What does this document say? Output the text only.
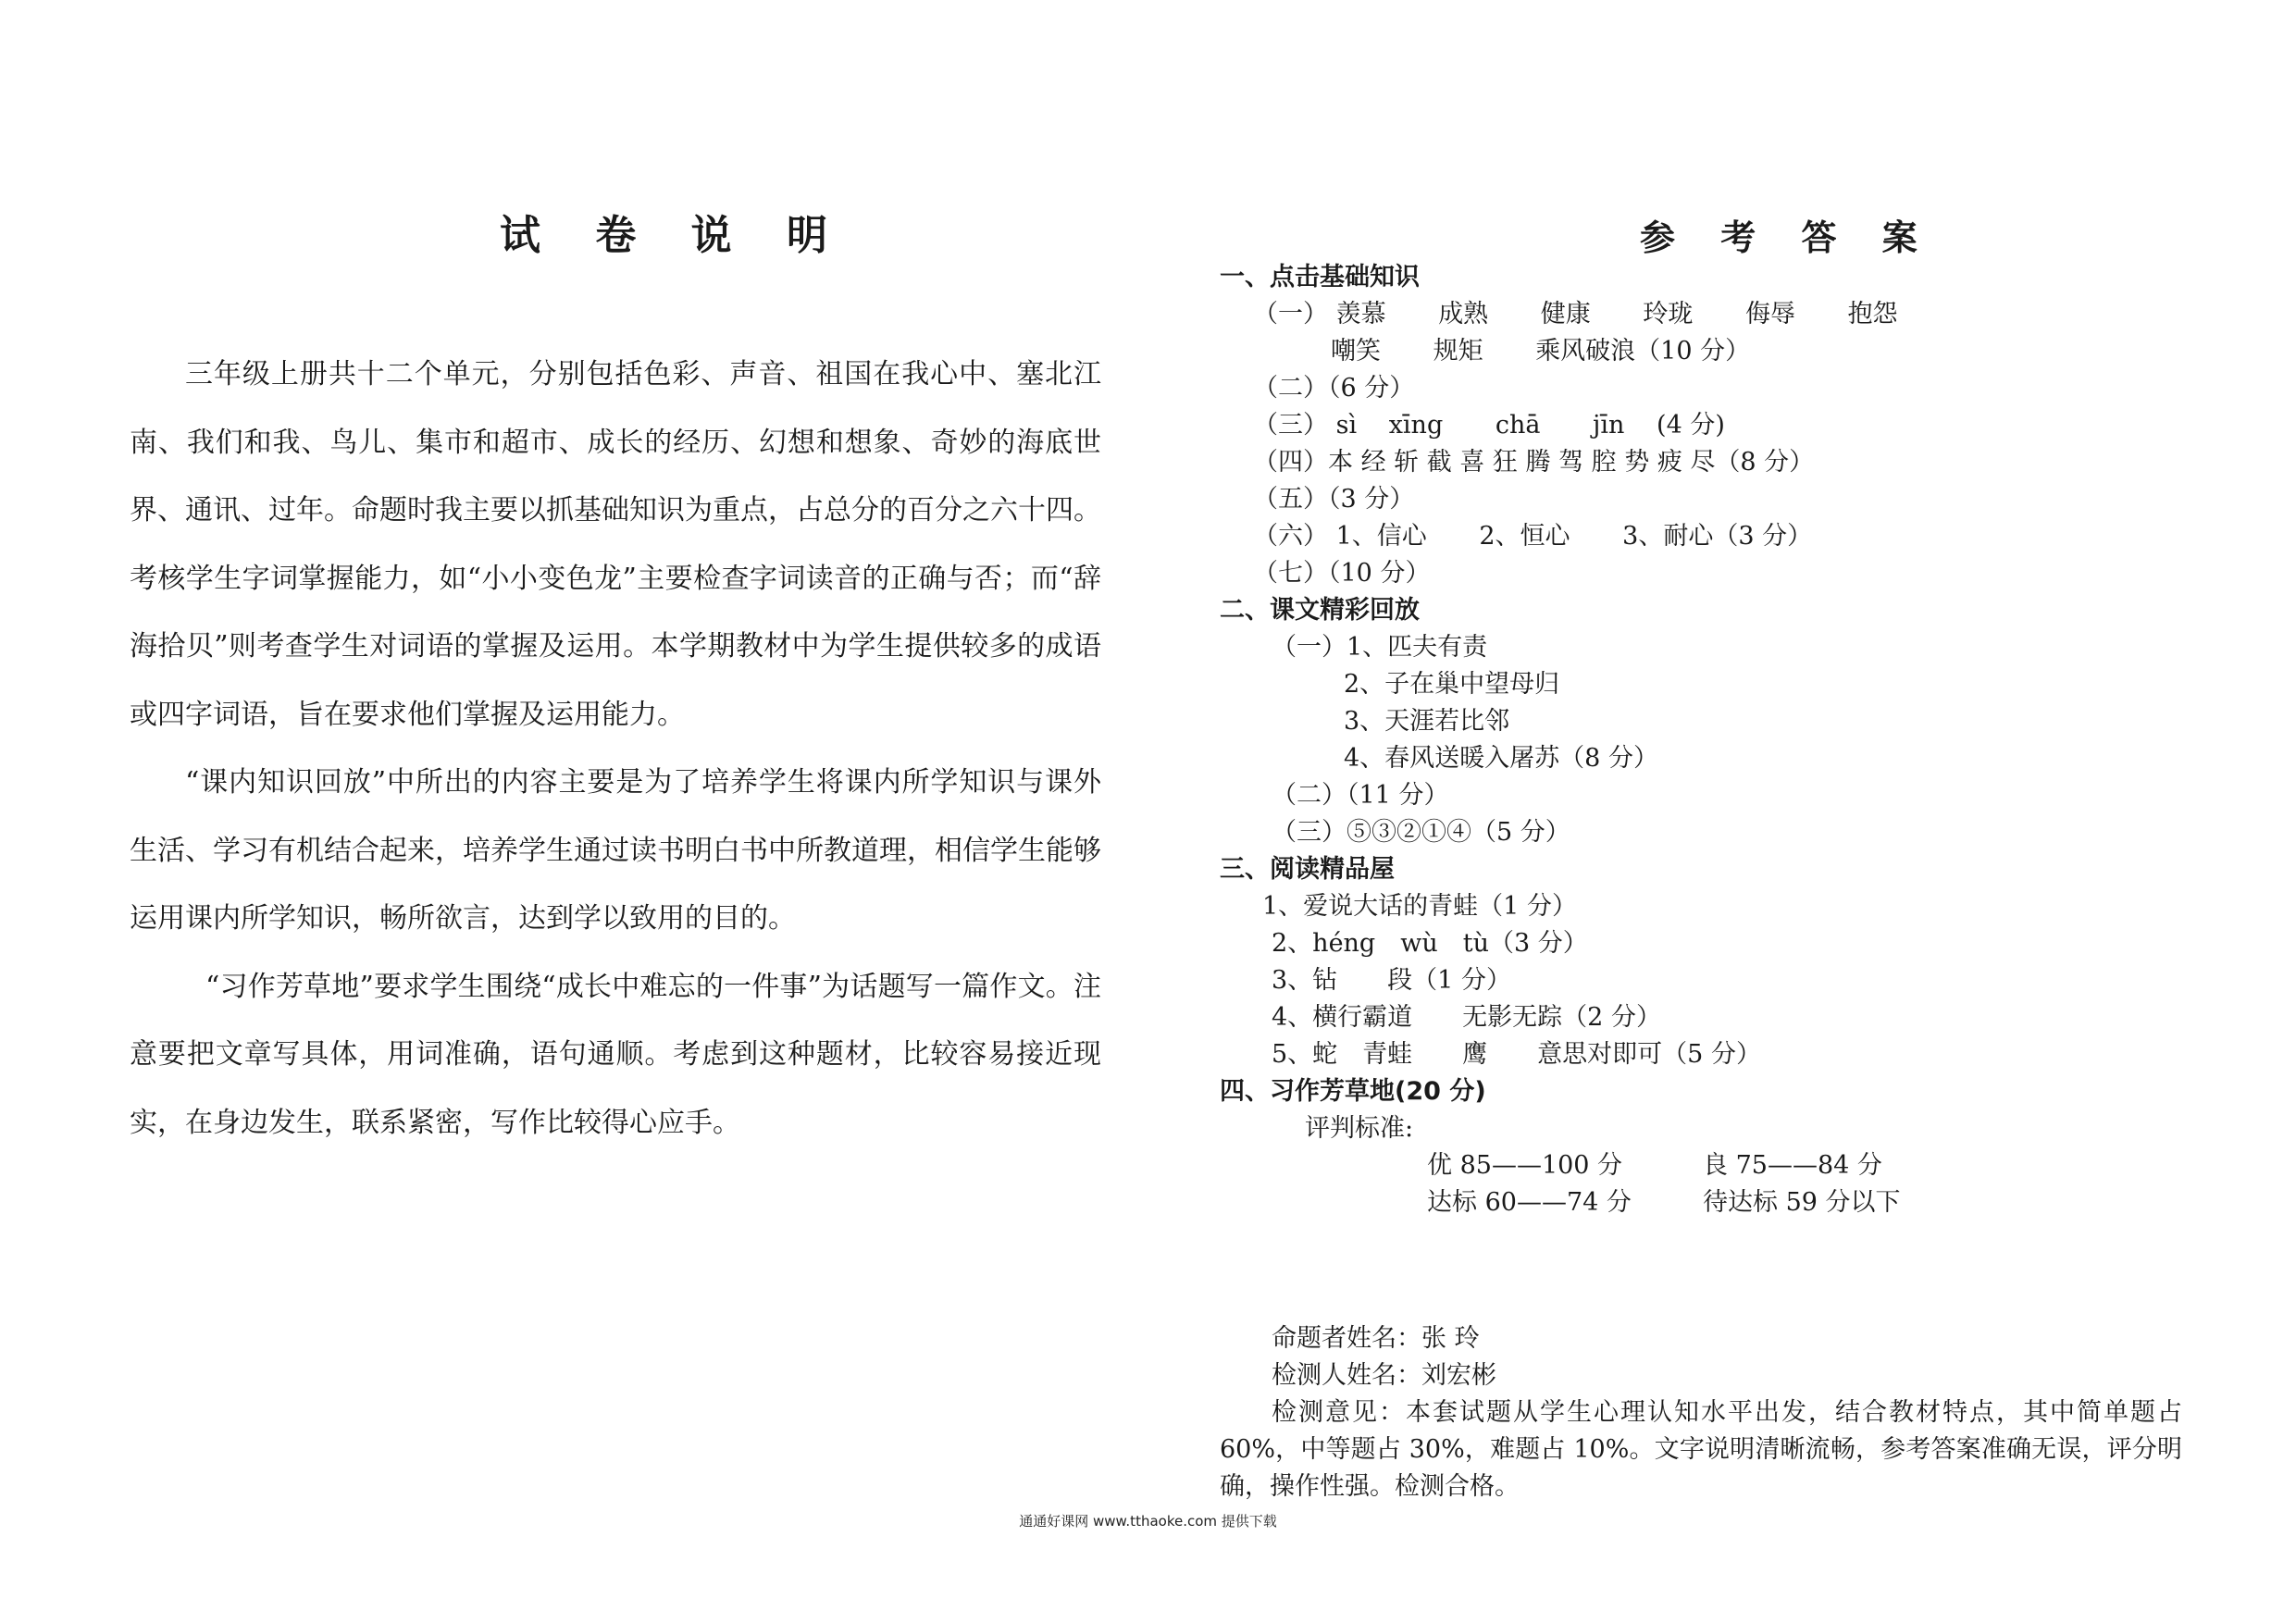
试 卷 说 明

三年级上册共十二个单元，分别包括色彩、声音、祖国在我心中、塞北江南、我们和我、鸟儿、集市和超市、成长的经历、幻想和想象、奇妙的海底世界、通讯、过年。命题时我主要以抓基础知识为重点，占总分的百分之六十四。考核学生字词掌握能力，如“小小变色龙”主要检查字词读音的正确与否；而“辞海拾贝”则考查学生对词语的掌握及运用。本学期教材中为学生提供较多的成语或四字词语，旨在要求他们掌握及运用能力。

“课内知识回放”中所出的内容主要是为了培养学生将课内所学知识与课外生活、学习有机结合起来，培养学生通过读书明白书中所教道理，相信学生能够运用课内所学知识，畅所欲言，达到学以致用的目的。

“习作芳草地”要求学生围绕“成长中难忘的一件事”为话题写一篇作文。注意要把文章写具体，用词准确，语句通顺。考虑到这种题材，比较容易接近现实，在身边发生，联系紧密，写作比较得心应手。

参 考 答 案
一、点击基础知识
（一） 羡慕 成熟 健康 玲珑 侮辱 抱怨
嘲笑 规矩 乘风破浪（10 分）
（二）（6 分）
（三） sì xīng chā jīn (4 分)
（四）本 经 斩 截 喜 狂 腾 驾 腔 势 疲 尽（8 分）
（五）（3 分）
（六） 1、信心 2、恒心 3、耐心（3 分）
（七）（10 分）
二、课文精彩回放
（一）1、匹夫有责
2、子在巢中望母归
3、天涯若比邻
4、春风送暖入屠苏（8 分）
（二）（11 分）
（三）⑤③②①④（5 分）
三、阅读精品屋
1、爱说大话的青蛙（1 分）
2、héng　wù　tù（3 分）
3、钻　　段（1 分）
4、横行霸道　　无影无踪（2 分）
5、蛇　青蛙　　鹰　　意思对即可（5 分）
四、习作芳草地(20 分)
评判标准:
优 85——100 分	良 75——84 分
达标 60——74 分	待达标 59 分以下

命题者姓名：张 玲

检测人姓名：刘宏彬

检测意见：本套试题从学生心理认知水平出发，结合教材特点，其中简单题占 60%，中等题占 30%，难题占 10%。文字说明清晰流畅，参考答案准确无误，评分明确，操作性强。检测合格。

通通好课网 www.tthaoke.com 提供下载
